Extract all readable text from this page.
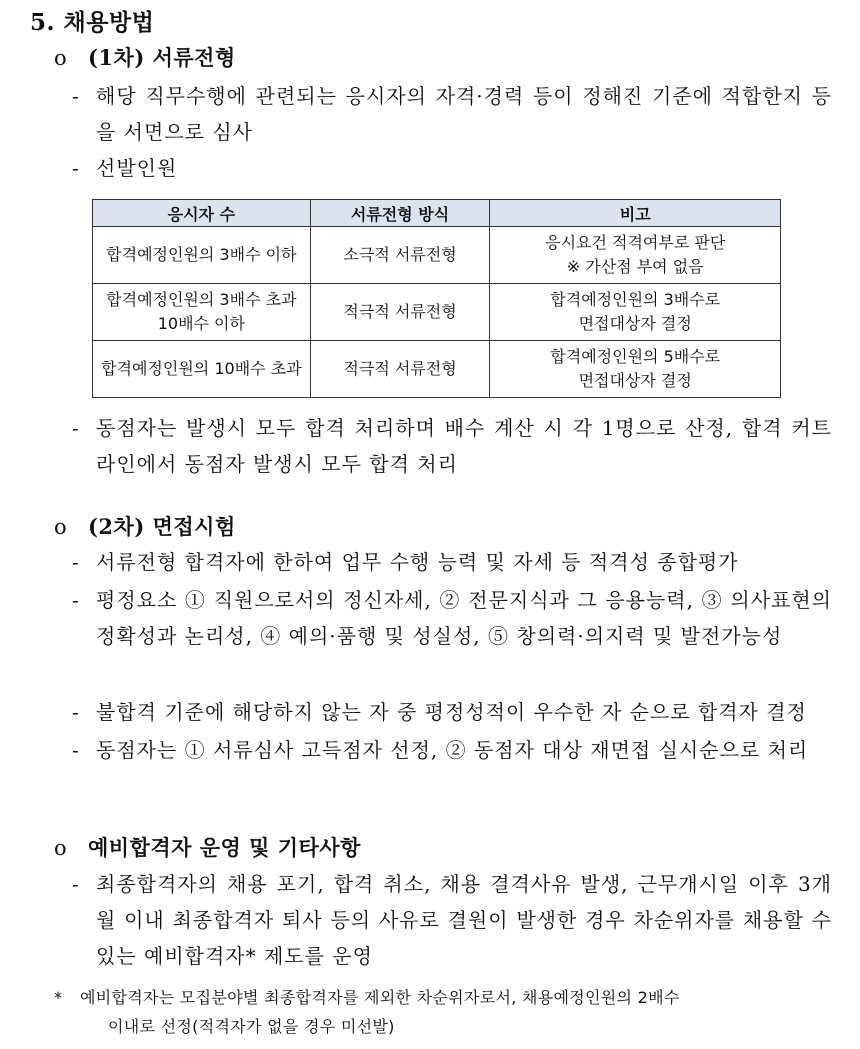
5. 채용방법
o (1차) 서류전형
- 해당 직무수행에 관련되는 응시자의 자격·경력 등이 정해진 기준에 적합한지 등을 서면으로 심사
- 선발인원
응시자 수	서류전형 방식	비고
합격예정인원의 3배수 이하	소극적 서류전형	응시요건 적격여부로 판단
※ 가산점 부여 없음
합격예정인원의 3배수 초과 10배수 이하	적극적 서류전형	합격예정인원의 3배수로
면접대상자 결정
합격예정인원의 10배수 초과	적극적 서류전형	합격예정인원의 5배수로
면접대상자 결정
- 동점자는 발생시 모두 합격 처리하며 배수 계산 시 각 1명으로 산정, 합격 커트라인에서 동점자 발생시 모두 합격 처리
o (2차) 면접시험
- 서류전형 합격자에 한하여 업무 수행 능력 및 자세 등 적격성 종합평가
- 평정요소 ① 직원으로서의 정신자세, ② 전문지식과 그 응용능력, ③ 의사표현의 정확성과 논리성, ④ 예의·품행 및 성실성, ⑤ 창의력·의지력 및 발전가능성
- 불합격 기준에 해당하지 않는 자 중 평정성적이 우수한 자 순으로 합격자 결정
- 동점자는 ① 서류심사 고득점자 선정, ② 동점자 대상 재면접 실시순으로 처리
o 예비합격자 운영 및 기타사항
- 최종합격자의 채용 포기, 합격 취소, 채용 결격사유 발생, 근무개시일 이후 3개월 이내 최종합격자 퇴사 등의 사유로 결원이 발생한 경우 차순위자를 채용할 수 있는 예비합격자* 제도를 운영
*	예비합격자는 모집분야별 최종합격자를 제외한 차순위자로서, 채용예정인원의 2배수
이내로 선정(적격자가 없을 경우 미선발)
